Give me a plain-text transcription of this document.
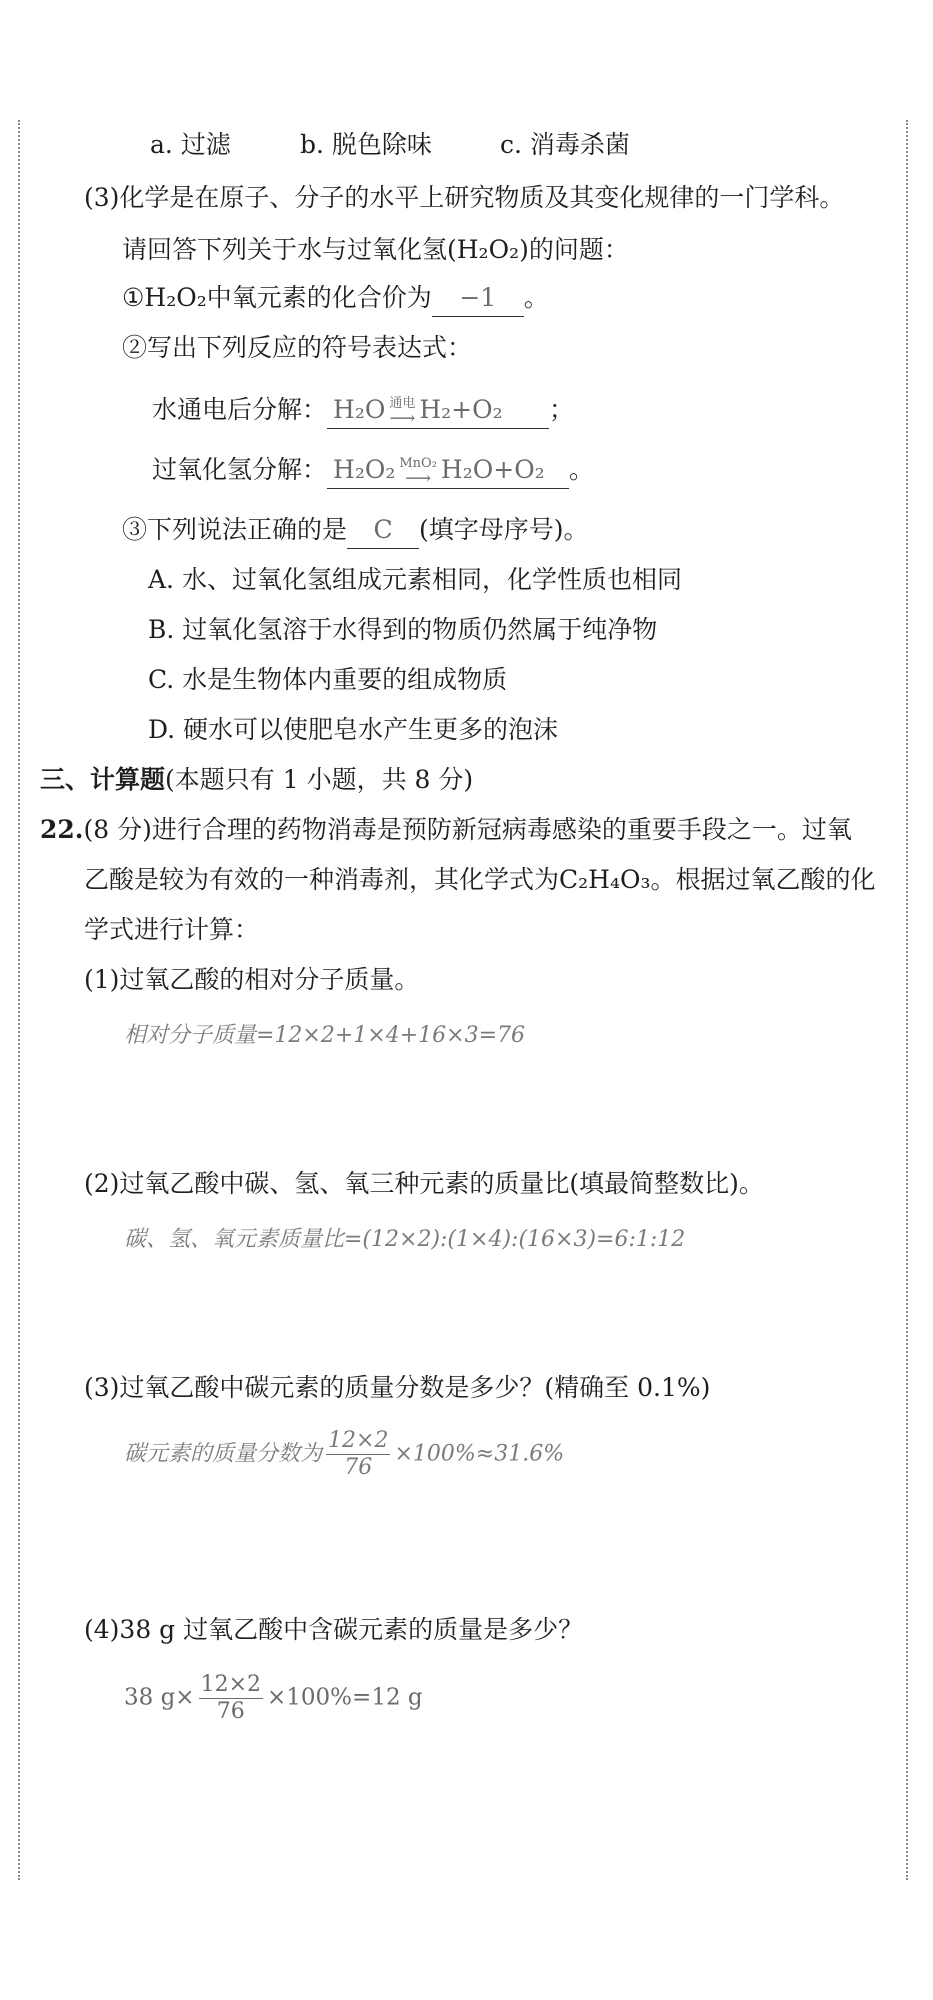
a. 过滤	b. 脱色除味	c. 消毒杀菌
(3)化学是在原子、分子的水平上研究物质及其变化规律的一门学科。
请回答下列关于水与过氧化氢(H₂O₂)的问题：
①H₂O₂中氧元素的化合价为 −1 。
②写出下列反应的符号表达式：
水通电后分解： H₂O 通电
⟶ H₂+O₂ ；
过氧化氢分解： H₂O₂ MnO₂
⟶ H₂O+O₂ 。
③下列说法正确的是 C (填字母序号)。
A. 水、过氧化氢组成元素相同，化学性质也相同
B. 过氧化氢溶于水得到的物质仍然属于纯净物
C. 水是生物体内重要的组成物质
D. 硬水可以使肥皂水产生更多的泡沫
三、计算题(本题只有 1 小题，共 8 分)
22.(8 分)进行合理的药物消毒是预防新冠病毒感染的重要手段之一。过氧
乙酸是较为有效的一种消毒剂，其化学式为C₂H₄O₃。根据过氧乙酸的化
学式进行计算：
(1)过氧乙酸的相对分子质量。
相对分子质量=12×2+1×4+16×3=76
(2)过氧乙酸中碳、氢、氧三种元素的质量比(填最简整数比)。
碳、氢、氧元素质量比=(12×2):(1×4):(16×3)=6:1:12
(3)过氧乙酸中碳元素的质量分数是多少？(精确至 0.1%)
碳元素的质量分数为 $\frac{12\times 2}{76} \times 100\%\approx 31.6\%$
(4)38 g 过氧乙酸中含碳元素的质量是多少？
38 $g\times \frac{12\times 2}{76} \times 100\%=12$ g
